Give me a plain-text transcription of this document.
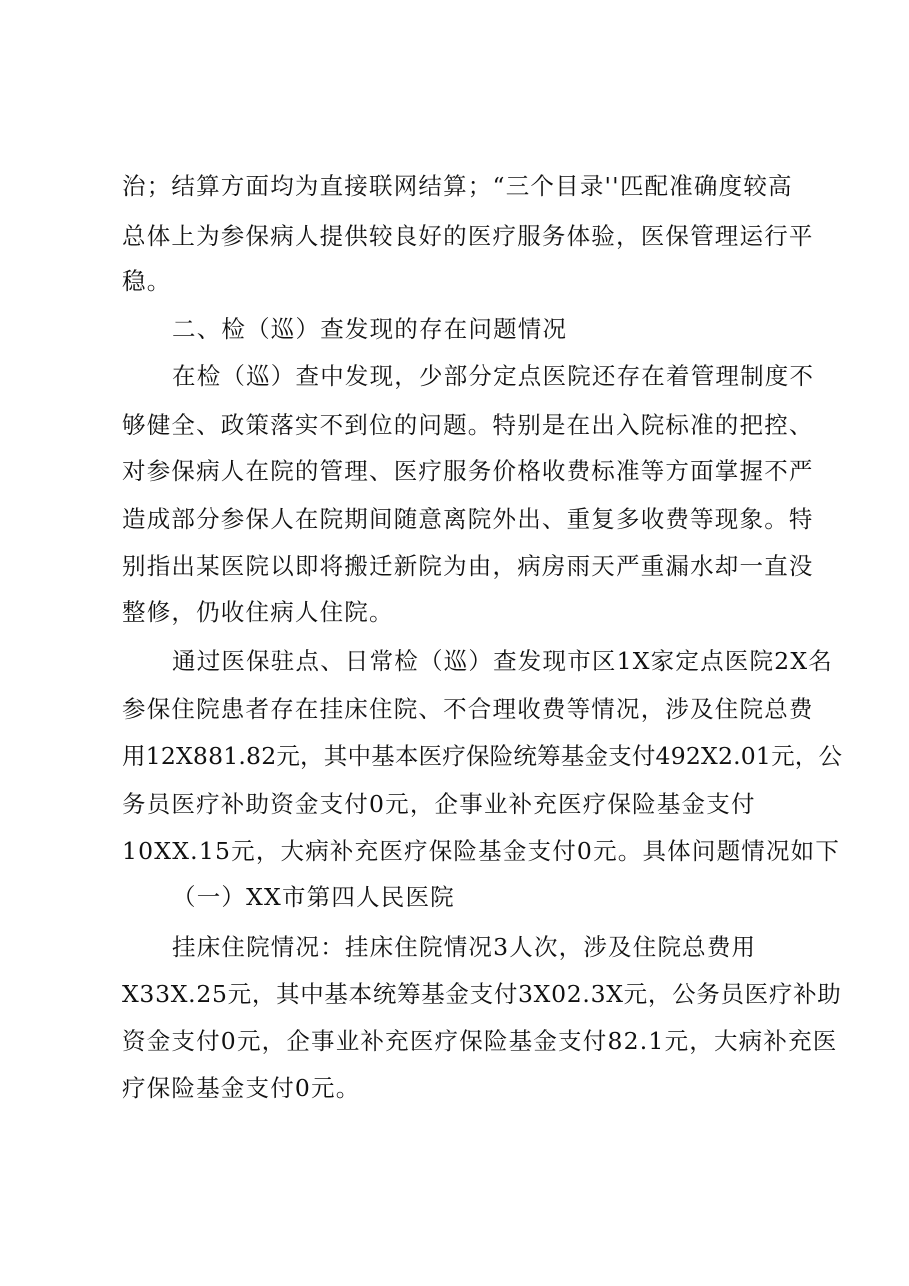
治；结算方面均为直接联网结算；“三个目录''匹配准确度较高
总体上为参保病人提供较良好的医疗服务体验，医保管理运行平
稳。
二、检（巡）查发现的存在问题情况
在检（巡）查中发现，少部分定点医院还存在着管理制度不
够健全、政策落实不到位的问题。特别是在出入院标准的把控、
对参保病人在院的管理、医疗服务价格收费标准等方面掌握不严
造成部分参保人在院期间随意离院外出、重复多收费等现象。特
别指出某医院以即将搬迁新院为由，病房雨天严重漏水却一直没
整修，仍收住病人住院。
通过医保驻点、日常检（巡）查发现市区1X家定点医院2X名
参保住院患者存在挂床住院、不合理收费等情况，涉及住院总费
用12X881.82元，其中基本医疗保险统筹基金支付492X2.01元，公
务员医疗补助资金支付0元，企事业补充医疗保险基金支付
10XX.15元，大病补充医疗保险基金支付0元。具体问题情况如下
（一）XX市第四人民医院
挂床住院情况：挂床住院情况3人次，涉及住院总费用
X33X.25元，其中基本统筹基金支付3X02.3X元，公务员医疗补助
资金支付0元，企事业补充医疗保险基金支付82.1元，大病补充医
疗保险基金支付0元。
